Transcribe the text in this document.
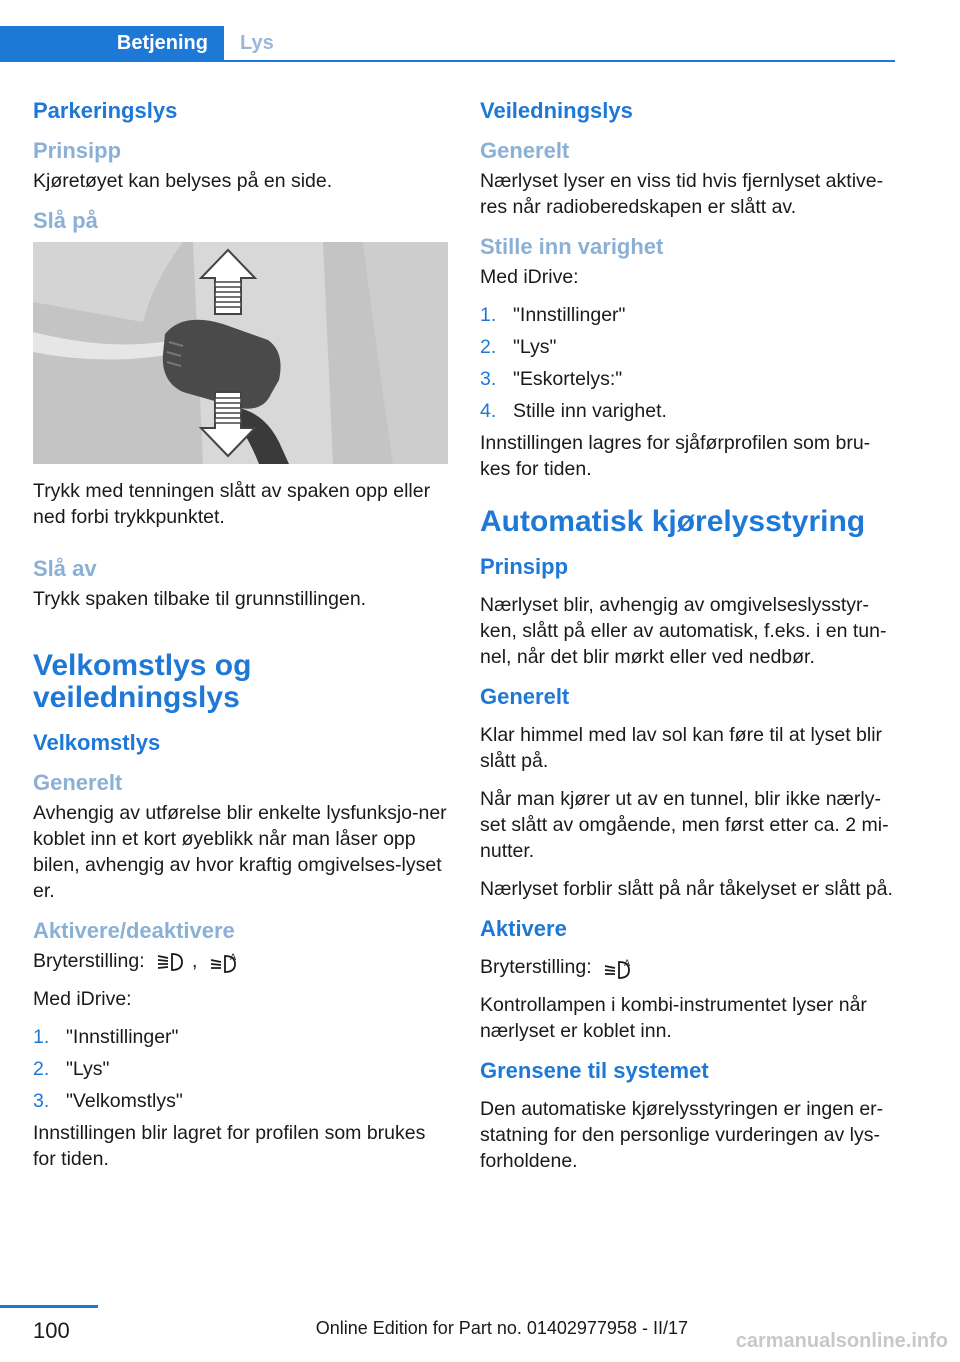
Betjening	Lys
Parkeringslys
Prinsipp

Kjøretøyet kan belyses på en side.

Slå på

Trykk med tenningen slått av spaken opp eller ned forbi trykkpunktet.

Slå av

Trykk spaken tilbake til grunnstillingen.

Velkomstlys og
veiledningslys
Velkomstlys
Generelt

Avhengig av utførelse blir enkelte lysfunksjo-ner koblet inn et kort øyeblikk når man låser opp bilen, avhengig av hvor kraftig omgivelses-lyset er.

Aktivere/deaktivere

Bryterstilling: ,	A

Med iDrive:

1. "Innstillinger"
2. "Lys"
3. "Velkomstlys"

Innstillingen blir lagret for profilen som brukes for tiden.

Veiledningslys
Generelt

Nærlyset lyser en viss tid hvis fjernlyset aktive-res når radioberedskapen er slått av.

Stille inn varighet

Med iDrive:

1. "Innstillinger"
2. "Lys"
3. "Eskortelys:"
4. Stille inn varighet.

Innstillingen lagres for sjåførprofilen som bru-kes for tiden.

Automatisk kjørelysstyring
Prinsipp

Nærlyset blir, avhengig av omgivelseslysstyr-ken, slått på eller av automatisk, f.eks. i en tun-nel, når det blir mørkt eller ved nedbør.

Generelt

Klar himmel med lav sol kan føre til at lyset blir slått på.

Når man kjører ut av en tunnel, blir ikke nærly-set slått av omgående, men først etter ca. 2 mi-nutter.

Nærlyset forblir slått på når tåkelyset er slått på.

Aktivere

Bryterstilling:	A

Kontrollampen i kombi-instrumentet lyser når nærlyset er koblet inn.

Grensene til systemet

Den automatiske kjørelysstyringen er ingen er-statning for den personlige vurderingen av lys-forholdene.

100	Online Edition for Part no. 01402977958 - II/17
carmanualsonline.info
